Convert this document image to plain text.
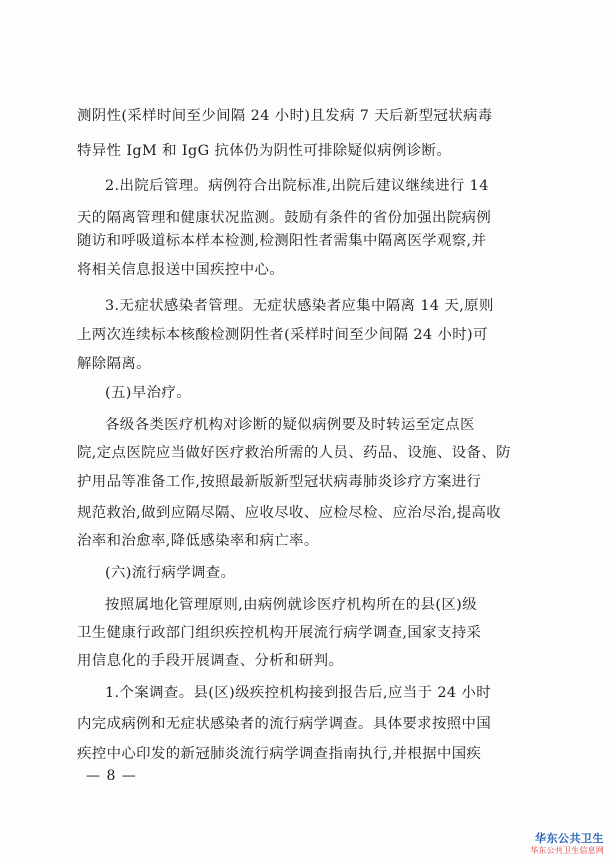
测阴性(采样时间至少间隔 24 小时)且发病 7 天后新型冠状病毒
特异性 IgM 和 IgG 抗体仍为阴性可排除疑似病例诊断。
2.出院后管理。病例符合出院标准,出院后建议继续进行 14
天的隔离管理和健康状况监测。鼓励有条件的省份加强出院病例
随访和呼吸道标本样本检测,检测阳性者需集中隔离医学观察,并
将相关信息报送中国疾控中心。
3.无症状感染者管理。无症状感染者应集中隔离 14 天,原则
上两次连续标本核酸检测阴性者(采样时间至少间隔 24 小时)可
解除隔离。
(五)早治疗。
各级各类医疗机构对诊断的疑似病例要及时转运至定点医
院,定点医院应当做好医疗救治所需的人员、药品、设施、设备、防
护用品等准备工作,按照最新版新型冠状病毒肺炎诊疗方案进行
规范救治,做到应隔尽隔、应收尽收、应检尽检、应治尽治,提高收
治率和治愈率,降低感染率和病亡率。
(六)流行病学调查。
按照属地化管理原则,由病例就诊医疗机构所在的县(区)级
卫生健康行政部门组织疾控机构开展流行病学调查,国家支持采
用信息化的手段开展调查、分析和研判。
1.个案调查。县(区)级疾控机构接到报告后,应当于 24 小时
内完成病例和无症状感染者的流行病学调查。具体要求按照中国
疾控中心印发的新冠肺炎流行病学调查指南执行,并根据中国疾
— 8 —
华东公共卫生
华东公共卫生信息网
